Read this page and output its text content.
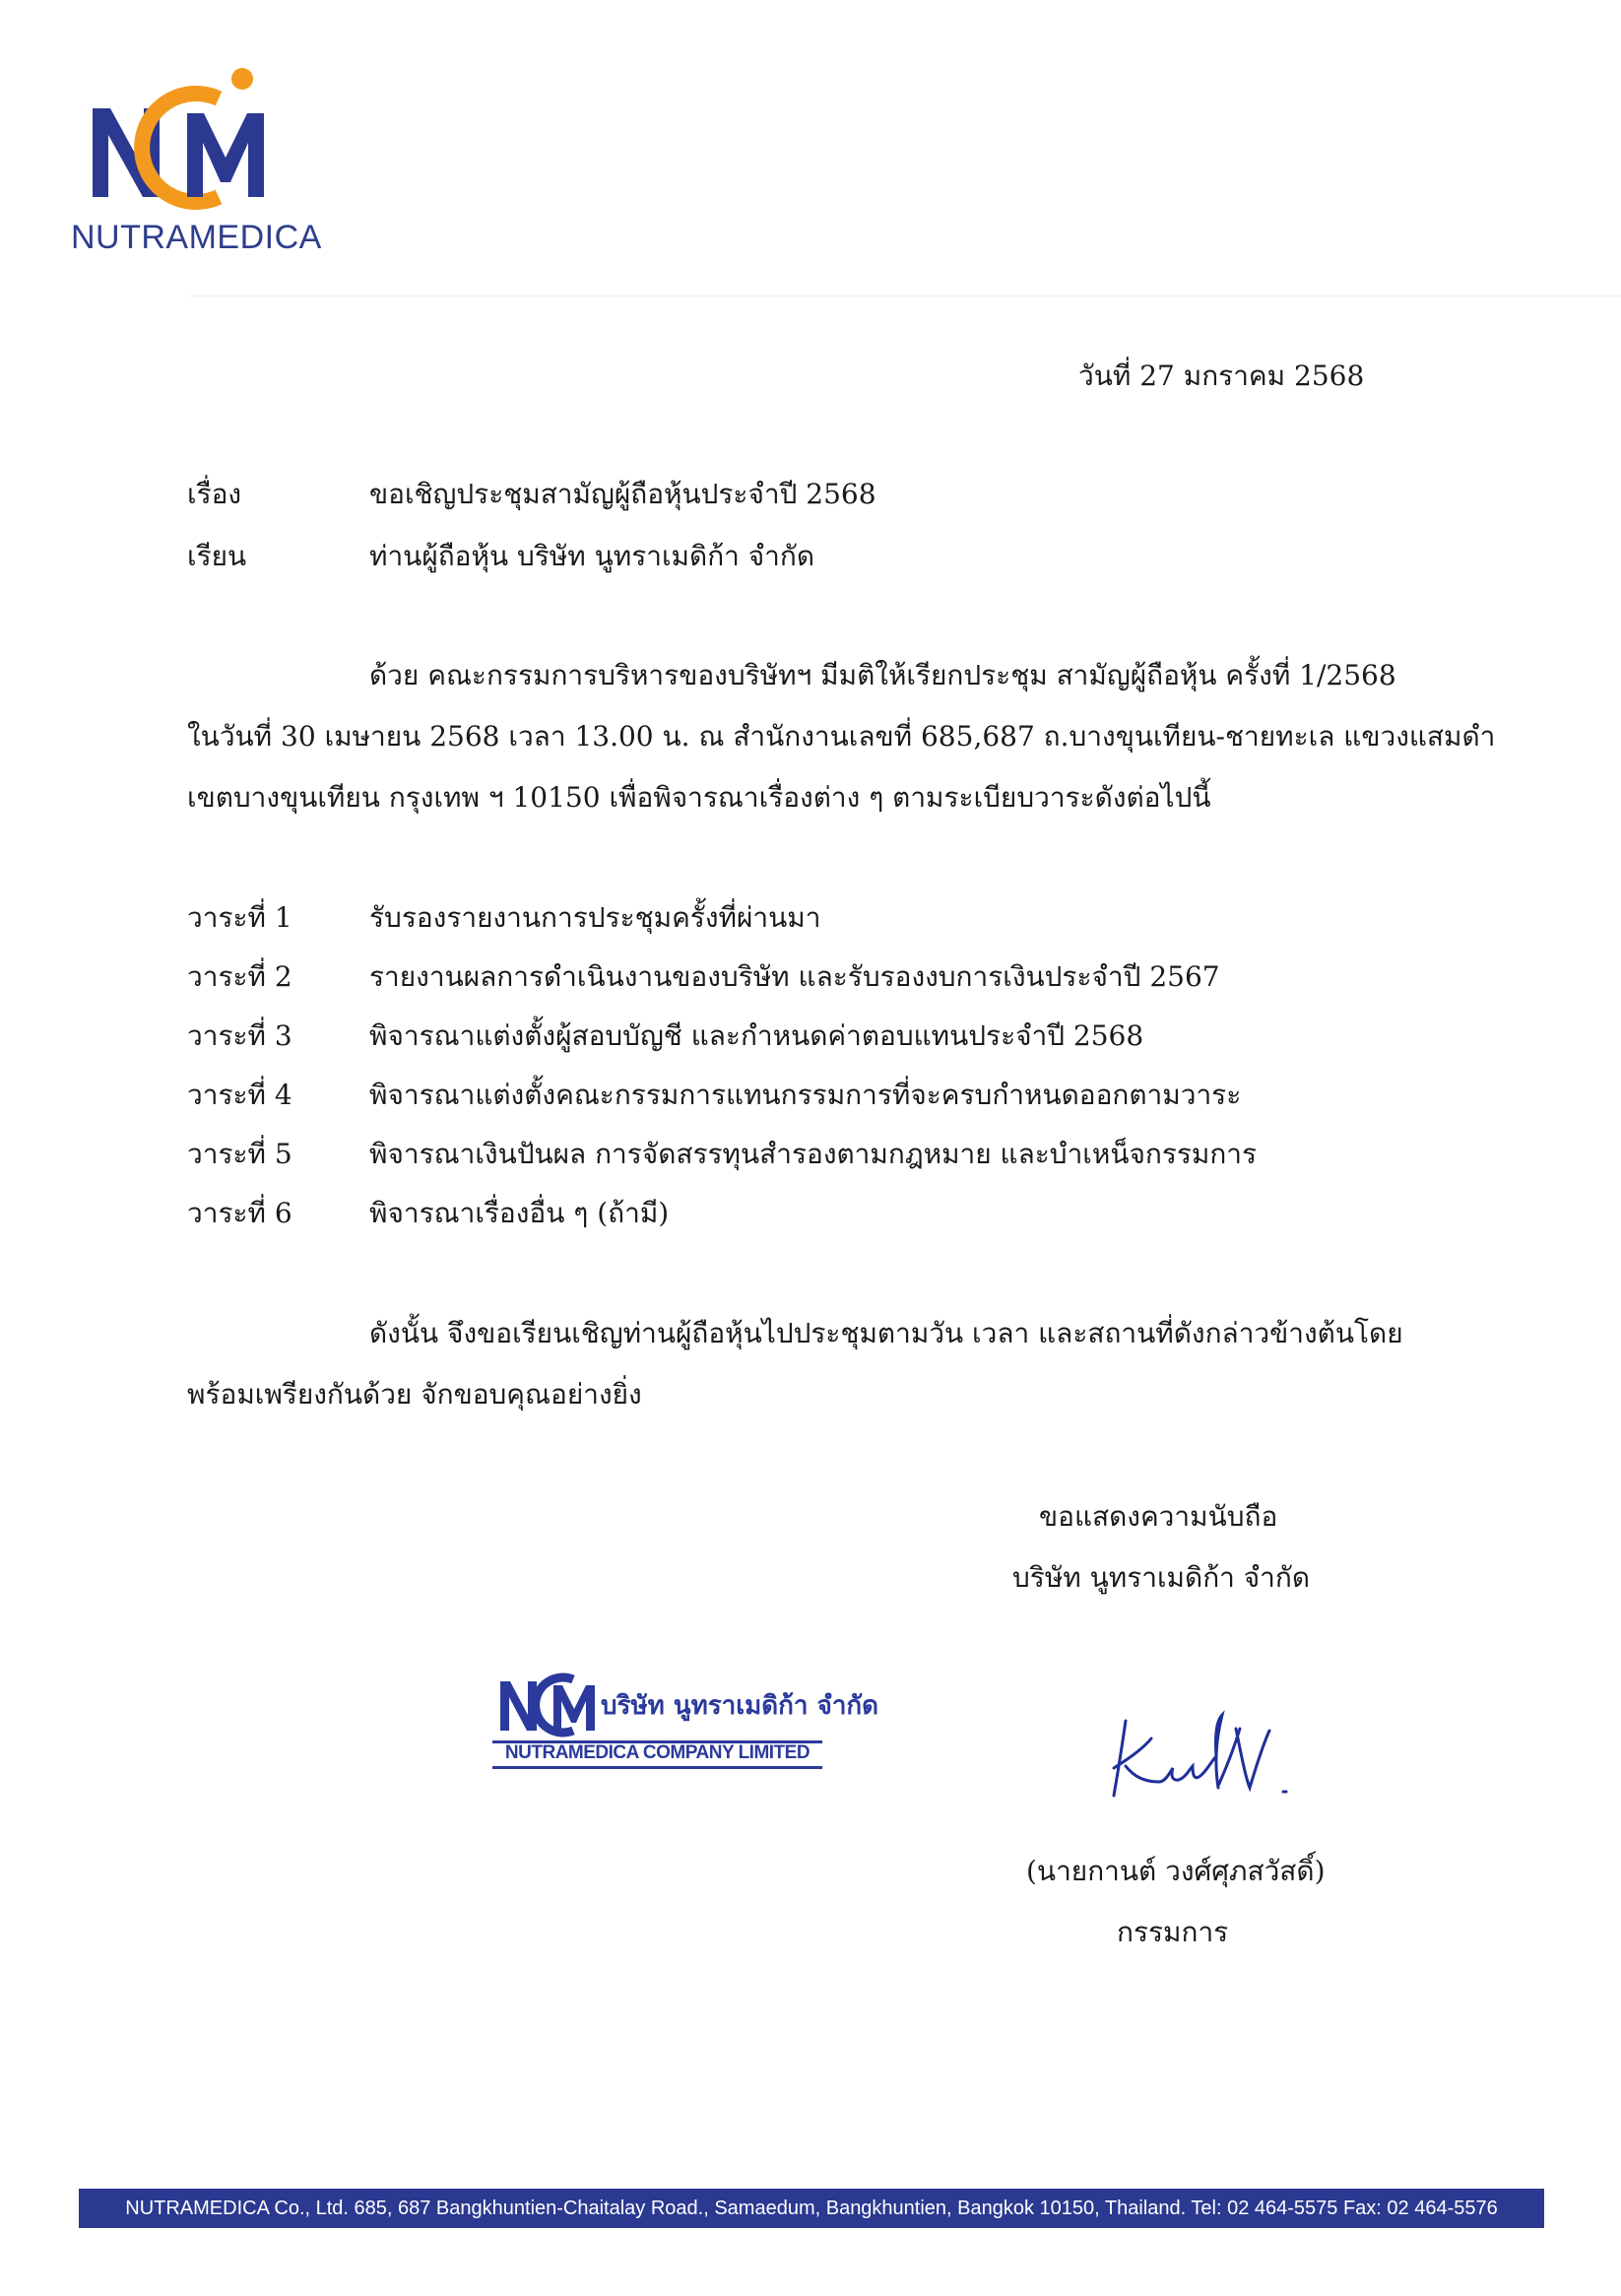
NUTRAMEDICA
วันที่ 27 มกราคม 2568
เรื่อง	ขอเชิญประชุมสามัญผู้ถือหุ้นประจำปี 2568
เรียน	ท่านผู้ถือหุ้น บริษัท นูทราเมดิก้า จำกัด
ด้วย คณะกรรมการบริหารของบริษัทฯ มีมติให้เรียกประชุม สามัญผู้ถือหุ้น ครั้งที่ 1/2568
ในวันที่ 30 เมษายน 2568 เวลา 13.00 น. ณ สำนักงานเลขที่ 685,687 ถ.บางขุนเทียน-ชายทะเล แขวงแสมดำ
เขตบางขุนเทียน กรุงเทพ ฯ 10150 เพื่อพิจารณาเรื่องต่าง ๆ ตามระเบียบวาระดังต่อไปนี้
วาระที่ 1	รับรองรายงานการประชุมครั้งที่ผ่านมา
วาระที่ 2	รายงานผลการดำเนินงานของบริษัท และรับรองงบการเงินประจำปี 2567
วาระที่ 3	พิจารณาแต่งตั้งผู้สอบบัญชี และกำหนดค่าตอบแทนประจำปี 2568
วาระที่ 4	พิจารณาแต่งตั้งคณะกรรมการแทนกรรมการที่จะครบกำหนดออกตามวาระ
วาระที่ 5	พิจารณาเงินปันผล การจัดสรรทุนสำรองตามกฎหมาย และบำเหน็จกรรมการ
วาระที่ 6	พิจารณาเรื่องอื่น ๆ (ถ้ามี)
ดังนั้น จึงขอเรียนเชิญท่านผู้ถือหุ้นไปประชุมตามวัน เวลา และสถานที่ดังกล่าวข้างต้นโดย
พร้อมเพรียงกันด้วย จักขอบคุณอย่างยิ่ง
ขอแสดงความนับถือ
บริษัท นูทราเมดิก้า จำกัด
บริษัท นูทราเมดิก้า จำกัด
NUTRAMEDICA COMPANY LIMITED
(นายกานต์ วงศ์ศุภสวัสดิ์)
กรรมการ
NUTRAMEDICA Co., Ltd. 685, 687 Bangkhuntien-Chaitalay Road., Samaedum, Bangkhuntien, Bangkok 10150, Thailand. Tel: 02 464-5575 Fax: 02 464-5576
